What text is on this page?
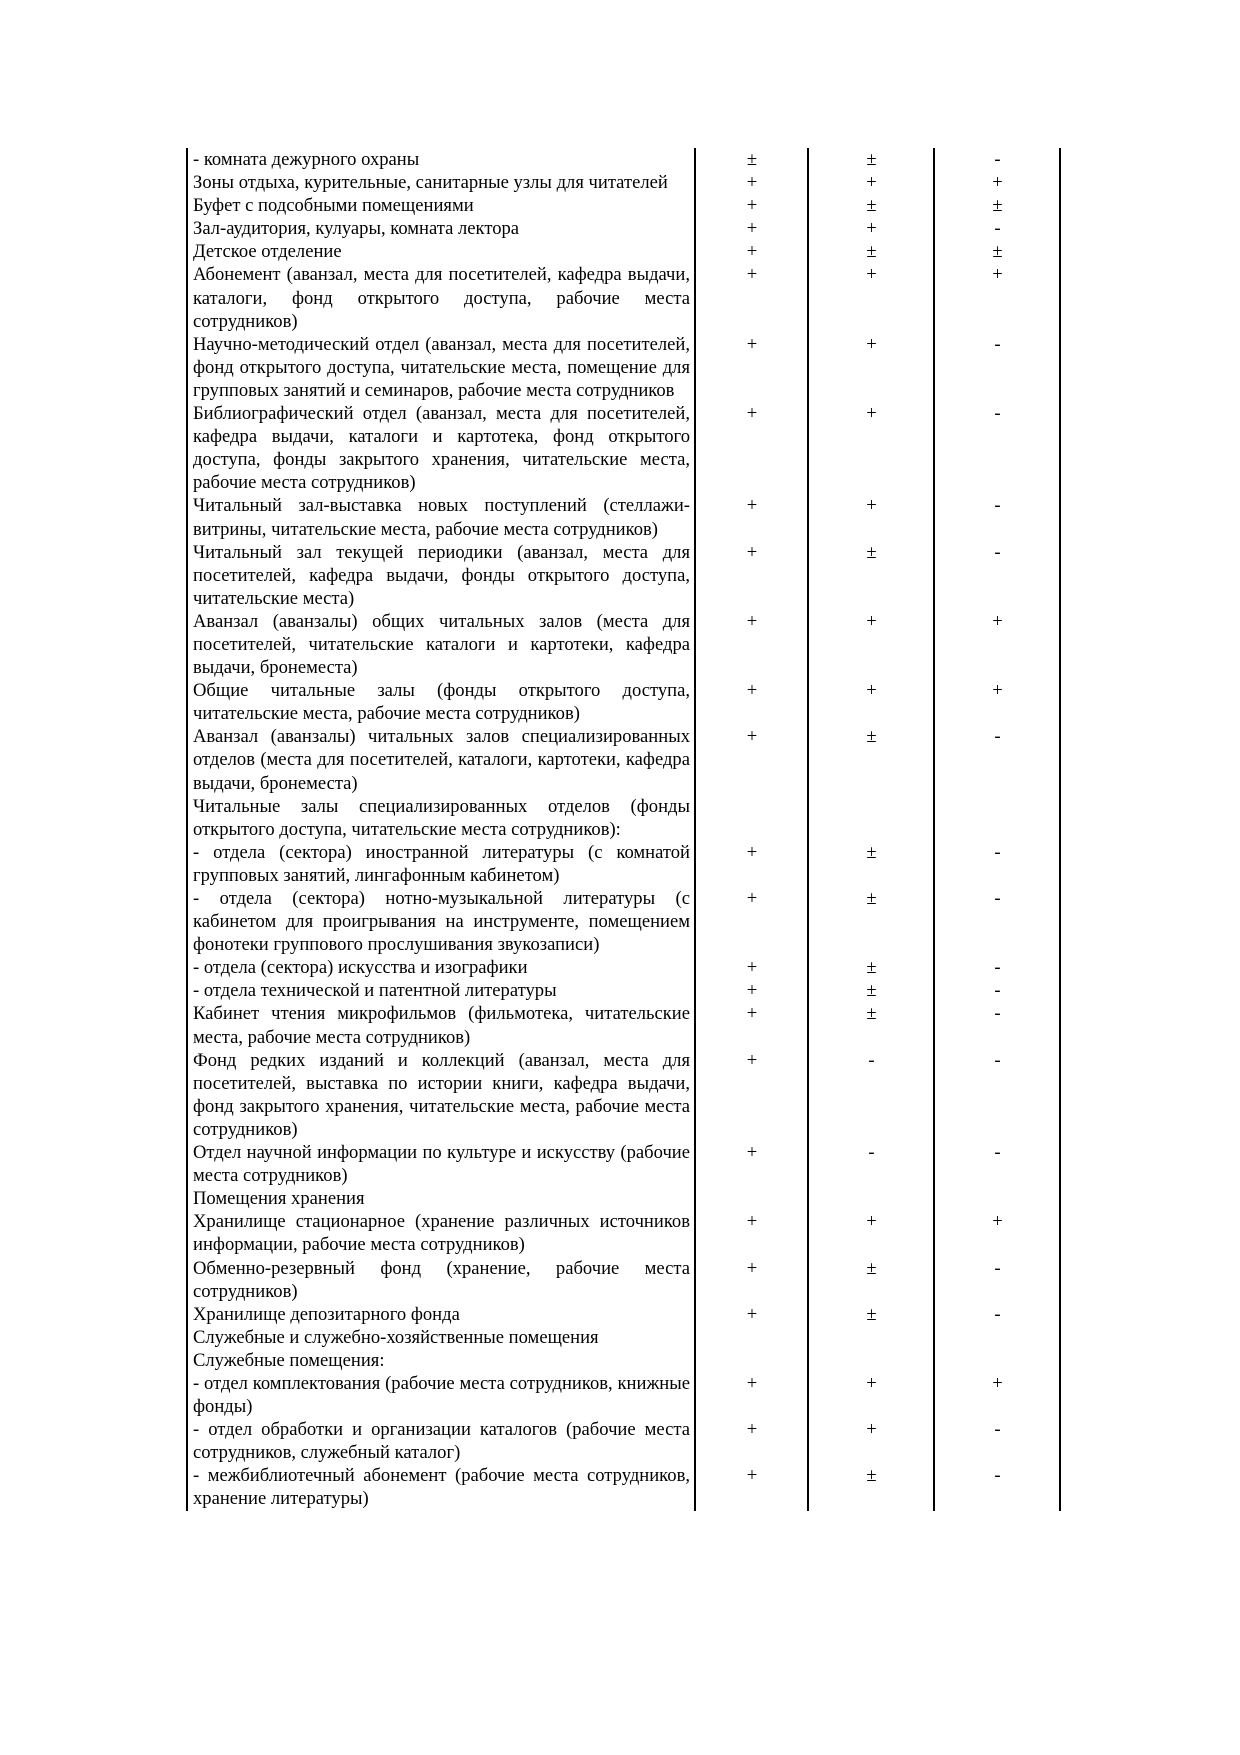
- комната дежурного охраны	±	±	-
Зоны отдыха, курительные, санитарные узлы для читателей	+	+	+
Буфет с подсобными помещениями	+	±	±
Зал-аудитория, кулуары, комната лектора	+	+	-
Детское отделение	+	±	±
Абонемент (аванзал, места для посетителей, кафедра выдачи, каталоги, фонд открытого доступа, рабочие места сотрудников)	+	+	+
Научно-методический отдел (аванзал, места для посетителей, фонд открытого доступа, читательские места, помещение для групповых занятий и семинаров, рабочие места сотрудников	+	+	-
Библиографический отдел (аванзал, места для посетителей, кафедра выдачи, каталоги и картотека, фонд открытого доступа, фонды закрытого хранения, читательские места, рабочие места сотрудников)	+	+	-
Читальный зал-выставка новых поступлений (стеллажи-витрины, читательские места, рабочие места сотрудников)	+	+	-
Читальный зал текущей периодики (аванзал, места для посетителей, кафедра выдачи, фонды открытого доступа, читательские места)	+	±	-
Аванзал (аванзалы) общих читальных залов (места для посетителей, читательские каталоги и картотеки, кафедра выдачи, бронеместа)	+	+	+
Общие читальные залы (фонды открытого доступа, читательские места, рабочие места сотрудников)	+	+	+
Аванзал (аванзалы) читальных залов специализированных отделов (места для посетителей, каталоги, картотеки, кафедра выдачи, бронеместа)	+	±	-
Читальные залы специализированных отделов (фонды открытого доступа, читательские места сотрудников):			
- отдела (сектора) иностранной литературы (с комнатой групповых занятий, лингафонным кабинетом)	+	±	-
- отдела (сектора) нотно-музыкальной литературы (с кабинетом для проигрывания на инструменте, помещением фонотеки группового прослушивания звукозаписи)	+	±	-
- отдела (сектора) искусства и изографики	+	±	-
- отдела технической и патентной литературы	+	±	-
Кабинет чтения микрофильмов (фильмотека, читательские места, рабочие места сотрудников)	+	±	-
Фонд редких изданий и коллекций (аванзал, места для посетителей, выставка по истории книги, кафедра выдачи, фонд закрытого хранения, читательские места, рабочие места сотрудников)	+	-	-
Отдел научной информации по культуре и искусству (рабочие места сотрудников)	+	-	-
Помещения хранения			
Хранилище стационарное (хранение различных источников информации, рабочие места сотрудников)	+	+	+
Обменно-резервный фонд (хранение, рабочие места сотрудников)	+	±	-
Хранилище депозитарного фонда	+	±	-
Служебные и служебно-хозяйственные помещения			
Служебные помещения:			
- отдел комплектования (рабочие места сотрудников, книжные фонды)	+	+	+
- отдел обработки и организации каталогов (рабочие места сотрудников, служебный каталог)	+	+	-
- межбиблиотечный абонемент (рабочие места сотрудников, хранение литературы)	+	±	-
